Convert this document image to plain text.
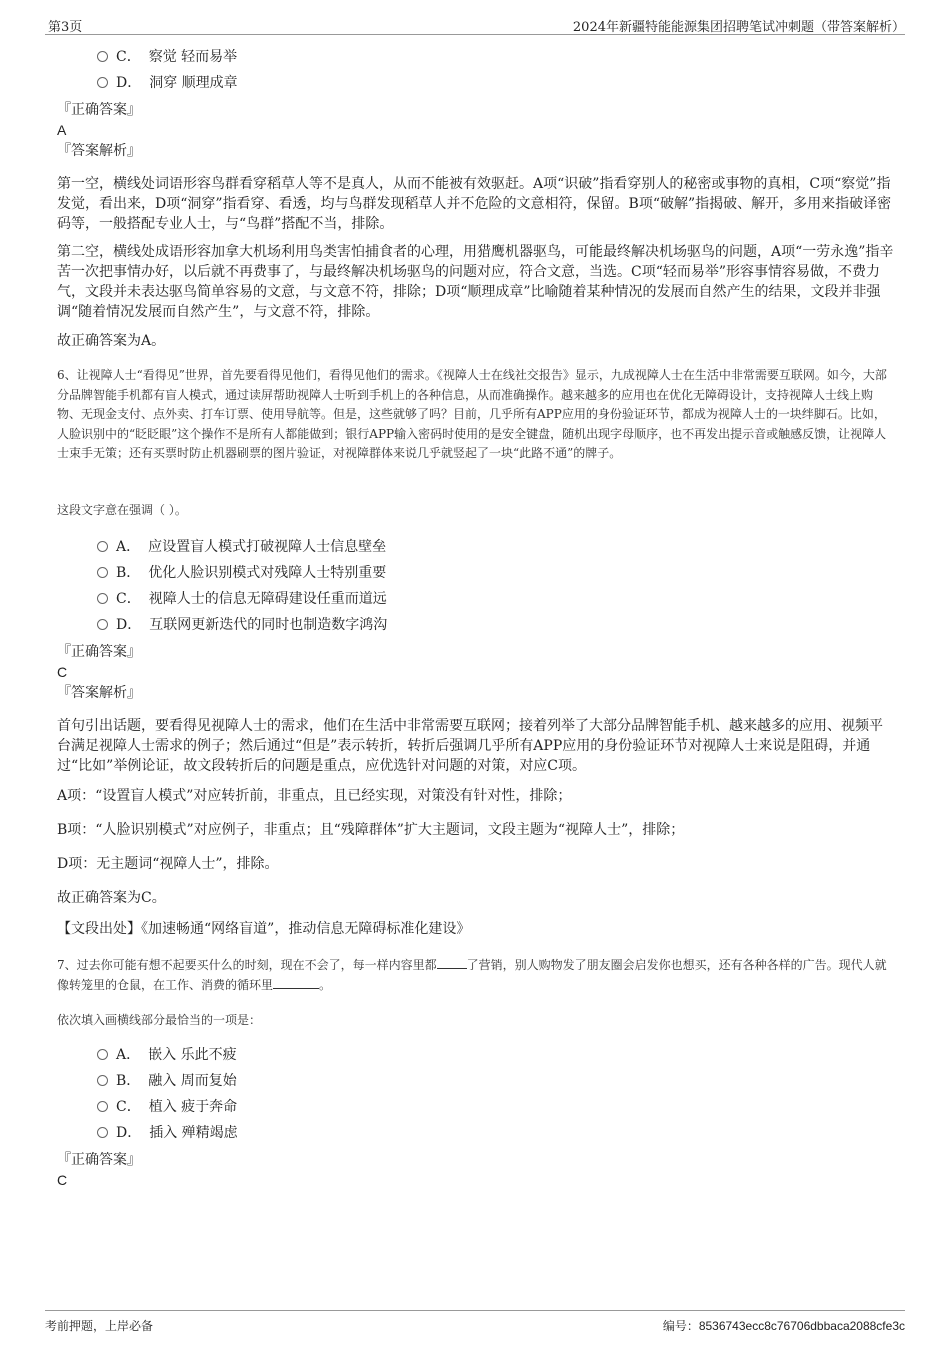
第3页	2024年新疆特能能源集团招聘笔试冲刺题（带答案解析）
C． 察觉 轻而易举
D． 洞穿 顺理成章
『正确答案』
A
『答案解析』

第一空，横线处词语形容鸟群看穿稻草人等不是真人，从而不能被有效驱赶。A项“识破”指看穿别人的秘密或事物的真相，C项“察觉”指发觉，看出来，D项“洞穿”指看穿、看透，均与鸟群发现稻草人并不危险的文意相符，保留。B项“破解”指揭破、解开，多用来指破译密码等，一般搭配专业人士，与“鸟群”搭配不当，排除。

第二空，横线处成语形容加拿大机场利用鸟类害怕捕食者的心理，用猎鹰机器驱鸟，可能最终解决机场驱鸟的问题，A项“一劳永逸”指辛苦一次把事情办好，以后就不再费事了，与最终解决机场驱鸟的问题对应，符合文意，当选。C项“轻而易举”形容事情容易做，不费力气，文段并未表达驱鸟简单容易的文意，与文意不符，排除；D项“顺理成章”比喻随着某种情况的发展而自然产生的结果，文段并非强调“随着情况发展而自然产生”，与文意不符，排除。

故正确答案为A。

6、让视障人士“看得见”世界，首先要看得见他们，看得见他们的需求。《视障人士在线社交报告》显示，九成视障人士在生活中非常需要互联网。如今，大部分品牌智能手机都有盲人模式，通过读屏帮助视障人士听到手机上的各种信息，从而准确操作。越来越多的应用也在优化无障碍设计，支持视障人士线上购物、无现金支付、点外卖、打车订票、使用导航等。但是，这些就够了吗？目前，几乎所有APP应用的身份验证环节，都成为视障人士的一块绊脚石。比如，人脸识别中的“眨眨眼”这个操作不是所有人都能做到；银行APP输入密码时使用的是安全键盘，随机出现字母顺序，也不再发出提示音或触感反馈，让视障人士束手无策；还有买票时防止机器刷票的图片验证，对视障群体来说几乎就竖起了一块“此路不通”的牌子。

这段文字意在强调（ ）。

A． 应设置盲人模式打破视障人士信息壁垒
B． 优化人脸识别模式对残障人士特别重要
C． 视障人士的信息无障碍建设任重而道远
D． 互联网更新迭代的同时也制造数字鸿沟
『正确答案』
C
『答案解析』

首句引出话题，要看得见视障人士的需求，他们在生活中非常需要互联网；接着列举了大部分品牌智能手机、越来越多的应用、视频平台满足视障人士需求的例子；然后通过“但是”表示转折，转折后强调几乎所有APP应用的身份验证环节对视障人士来说是阻碍，并通过“比如”举例论证，故文段转折后的问题是重点，应优选针对问题的对策，对应C项。

A项：“设置盲人模式”对应转折前，非重点，且已经实现，对策没有针对性，排除；

B项：“人脸识别模式”对应例子，非重点；且“残障群体”扩大主题词，文段主题为“视障人士”，排除；

D项：无主题词“视障人士”，排除。

故正确答案为C。

【文段出处】《加速畅通“网络盲道”，推动信息无障碍标准化建设》

7、过去你可能有想不起要买什么的时刻，现在不会了，每一样内容里都	了营销，别人购物发了朋友圈会启发你也想买，还有各种各样的广告。现代人就像转笼里的仓鼠，在工作、消费的循环里	。

依次填入画横线部分最恰当的一项是：

A． 嵌入 乐此不疲
B． 融入 周而复始
C． 植入 疲于奔命
D． 插入 殚精竭虑
『正确答案』
C
考前押题，上岸必备	编号：8536743ecc8c76706dbbaca2088cfe3c
